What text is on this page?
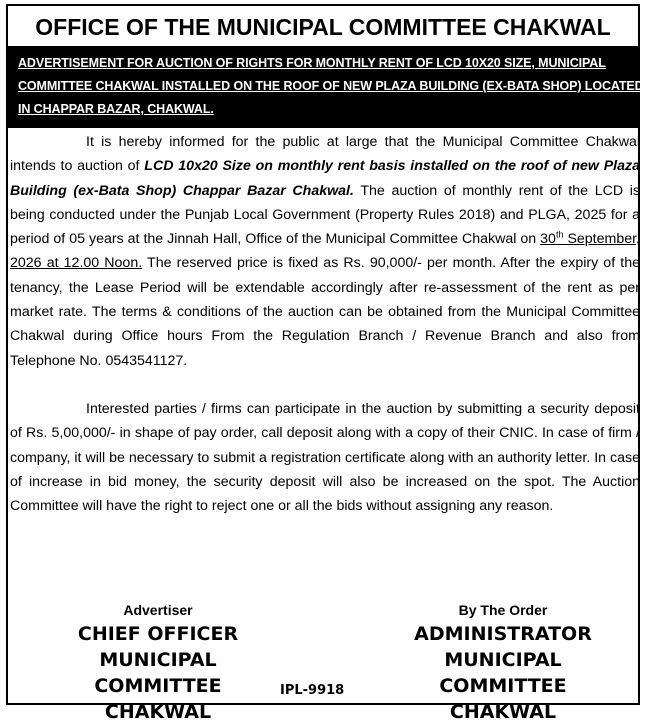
OFFICE OF THE MUNICIPAL COMMITTEE CHAKWAL
ADVERTISEMENT FOR AUCTION OF RIGHTS FOR MONTHLY RENT OF LCD 10X20 SIZE, MUNICIPAL
COMMITTEE CHAKWAL INSTALLED ON THE ROOF OF NEW PLAZA BUILDING (EX-BATA SHOP) LOCATED
IN CHAPPAR BAZAR, CHAKWAL.

It is hereby informed for the public at large that the Municipal Committee Chakwal intends to auction of LCD 10x20 Size on monthly rent basis installed on the roof of new Plaza Building (ex-Bata Shop) Chappar Bazar Chakwal. The auction of monthly rent of the LCD is being conducted under the Punjab Local Government (Property Rules 2018) and PLGA, 2025 for a period of 05 years at the Jinnah Hall, Office of the Municipal Committee Chakwal on 30th September, 2026 at 12.00 Noon. The reserved price is fixed as Rs. 90,000/- per month. After the expiry of the tenancy, the Lease Period will be extendable accordingly after re-assessment of the rent as per market rate. The terms & conditions of the auction can be obtained from the Municipal Committee Chakwal during Office hours From the Regulation Branch / Revenue Branch and also from Telephone No. 0543541127.

Interested parties / firms can participate in the auction by submitting a security deposit of Rs. 5,00,000/- in shape of pay order, call deposit along with a copy of their CNIC. In case of firm / company, it will be necessary to submit a registration certificate along with an authority letter. In case of increase in bid money, the security deposit will also be increased on the spot. The Auction Committee will have the right to reject one or all the bids without assigning any reason.

Advertiser
CHIEF OFFICER
MUNICIPAL COMMITTEE
CHAKWAL
By The Order
ADMINISTRATOR
MUNICIPAL COMMITTEE
CHAKWAL
IPL-9918
